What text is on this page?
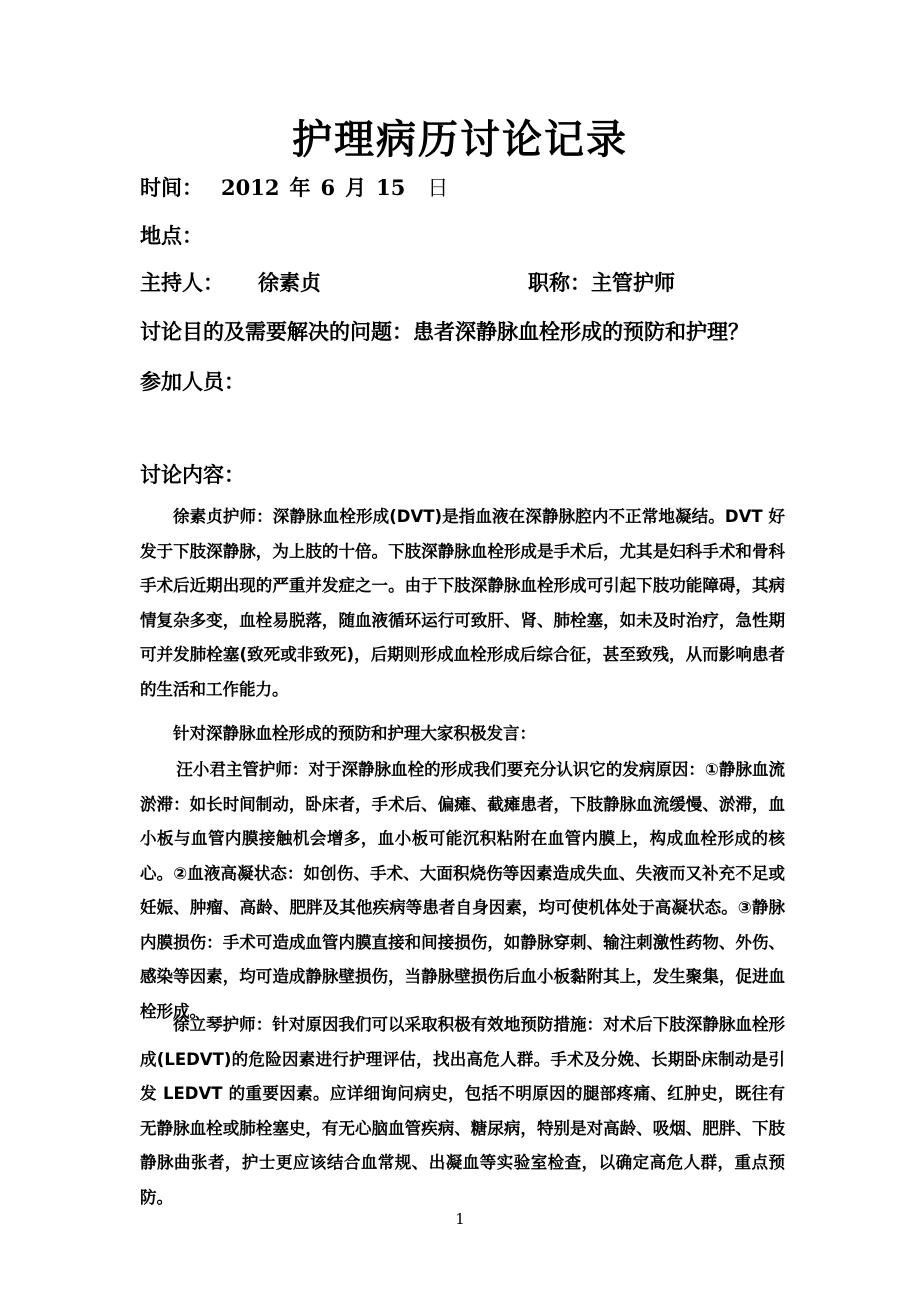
护理病历讨论记录
时间： 2012 年 6 月 15 日
地点：
主持人： 徐素贞	职称：主管护师
讨论目的及需要解决的问题：患者深静脉血栓形成的预防和护理？
参加人员：
讨论内容：
徐素贞护师：深静脉血栓形成(DVT)是指血液在深静脉腔内不正常地凝结。DVT 好发于下肢深静脉，为上肢的十倍。下肢深静脉血栓形成是手术后，尤其是妇科手术和骨科手术后近期出现的严重并发症之一。由于下肢深静脉血栓形成可引起下肢功能障碍，其病情复杂多变，血栓易脱落，随血液循环运行可致肝、肾、肺栓塞，如未及时治疗，急性期可并发肺栓塞(致死或非致死)，后期则形成血栓形成后综合征，甚至致残，从而影响患者的生活和工作能力。
针对深静脉血栓形成的预防和护理大家积极发言：
汪小君主管护师：对于深静脉血栓的形成我们要充分认识它的发病原因：①静脉血流淤滞：如长时间制动，卧床者，手术后、偏瘫、截瘫患者，下肢静脉血流缓慢、淤滞，血小板与血管内膜接触机会增多，血小板可能沉积粘附在血管内膜上，构成血栓形成的核心。②血液高凝状态：如创伤、手术、大面积烧伤等因素造成失血、失液而又补充不足或妊娠、肿瘤、高龄、肥胖及其他疾病等患者自身因素，均可使机体处于高凝状态。③静脉内膜损伤：手术可造成血管内膜直接和间接损伤，如静脉穿刺、输注刺激性药物、外伤、感染等因素，均可造成静脉壁损伤，当静脉壁损伤后血小板黏附其上，发生聚集，促进血栓形成。
徐立琴护师：针对原因我们可以采取积极有效地预防措施：对术后下肢深静脉血栓形成(LEDVT)的危险因素进行护理评估，找出高危人群。手术及分娩、长期卧床制动是引发 LEDVT 的重要因素。应详细询问病史，包括不明原因的腿部疼痛、红肿史，既往有无静脉血栓或肺栓塞史，有无心脑血管疾病、糖尿病，特别是对高龄、吸烟、肥胖、下肢静脉曲张者，护士更应该结合血常规、出凝血等实验室检查，以确定高危人群，重点预防。
1
